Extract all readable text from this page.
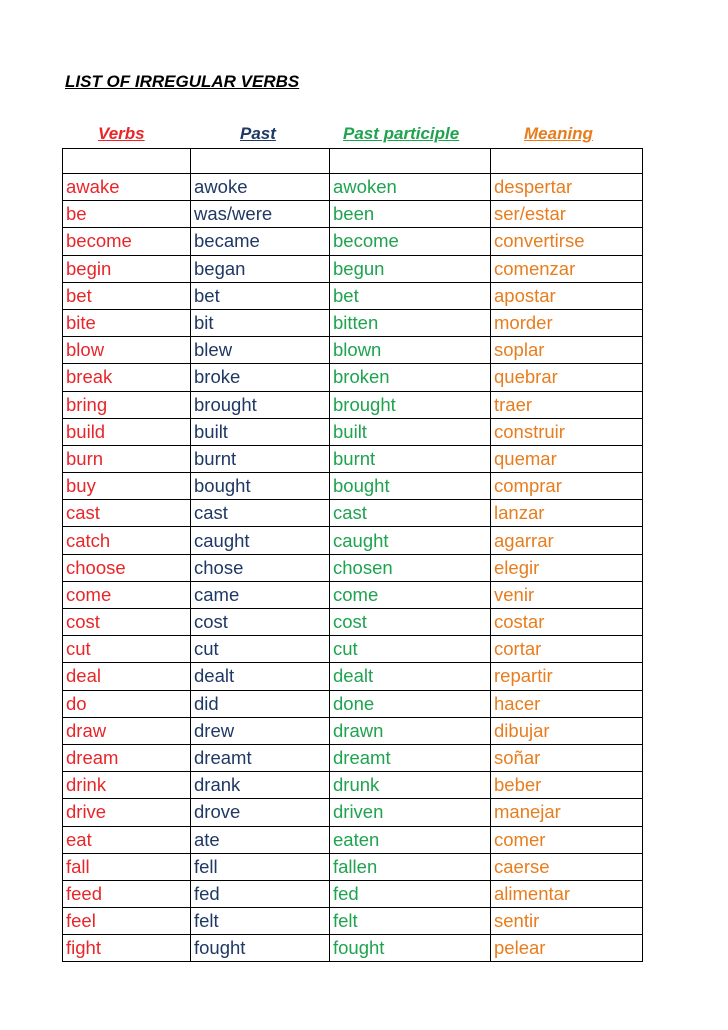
LIST OF IRREGULAR VERBS
Verbs	Past	Past participle	Meaning

awake	awoke	awoken	despertar
be	was/were	been	ser/estar
become	became	become	convertirse
begin	began	begun	comenzar
bet	bet	bet	apostar
bite	bit	bitten	morder
blow	blew	blown	soplar
break	broke	broken	quebrar
bring	brought	brought	traer
build	built	built	construir
burn	burnt	burnt	quemar
buy	bought	bought	comprar
cast	cast	cast	lanzar
catch	caught	caught	agarrar
choose	chose	chosen	elegir
come	came	come	venir
cost	cost	cost	costar
cut	cut	cut	cortar
deal	dealt	dealt	repartir
do	did	done	hacer
draw	drew	drawn	dibujar
dream	dreamt	dreamt	soñar
drink	drank	drunk	beber
drive	drove	driven	manejar
eat	ate	eaten	comer
fall	fell	fallen	caerse
feed	fed	fed	alimentar
feel	felt	felt	sentir
fight	fought	fought	pelear
